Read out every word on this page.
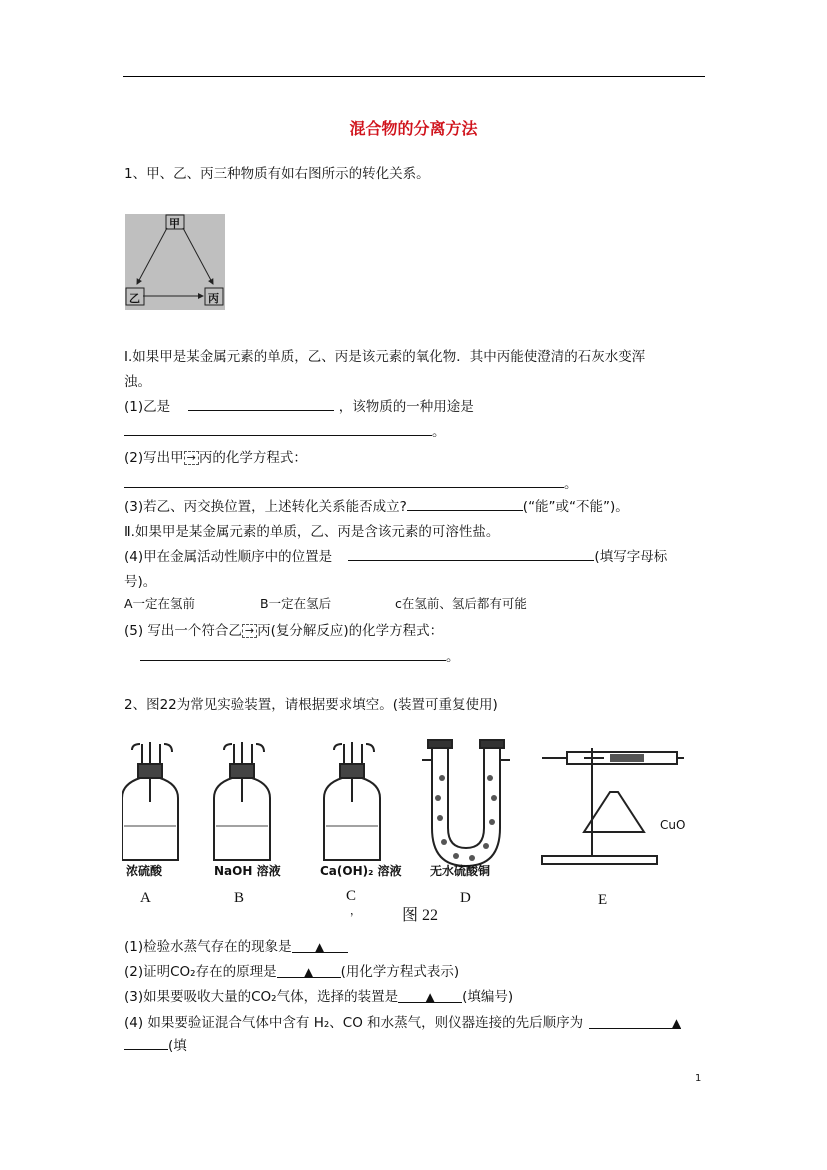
混合物的分离方法
1、甲、乙、丙三种物质有如右图所示的转化关系。
甲
乙	丙
Ⅰ.如果甲是某金属元素的单质，乙、丙是该元素的氧化物．其中丙能使澄清的石灰水变浑
浊。
(1)乙是	，该物质的一种用途是
。
(2)写出甲 → 丙的化学方程式：
。
(3)若乙、丙交换位置，上述转化关系能否成立?	(“能”或“不能”)。
Ⅱ.如果甲是某金属元素的单质，乙、丙是含该元素的可溶性盐。
(4)甲在金属活动性顺序中的位置是	(填写字母标
号)。
A一定在氢前	B一定在氢后	c在氢前、氢后都有可能
(5) 写出一个符合乙 → 丙(复分解反应)的化学方程式：
。
2、图22为常见实验装置，请根据要求填空。(装置可重复使用)
浓硫酸	NaOH 溶液	Ca(OH)₂ 溶液 无水硫酸铜
CuO
A	B	C
，	图 22
D	E
(1)检验水蒸气存在的现象是 ▲
(2)证明CO₂存在的原理是 ▲ (用化学方程式表示)
(3)如果要吸收大量的CO₂气体，选择的装置是 ▲ (填编号)
(4) 如果要验证混合气体中含有 H₂、CO 和水蒸气，则仪器连接的先后顺序为	▲
(填
1
